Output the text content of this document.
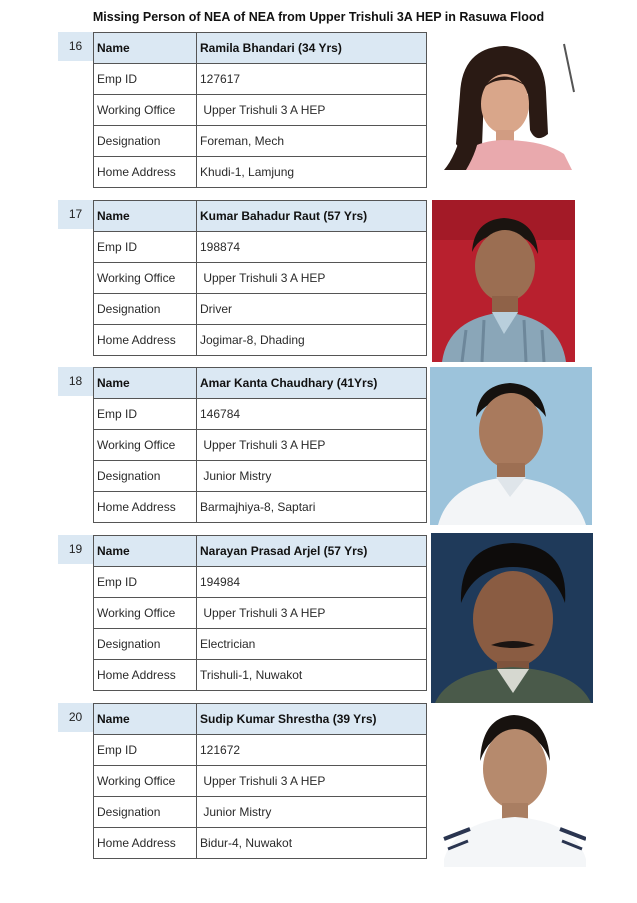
Missing Person of NEA of NEA from Upper Trishuli 3A HEP in Rasuwa Flood
16	Name	Ramila Bhandari (34 Yrs)
Emp ID	127617
Working Office	Upper Trishuli 3 A HEP
Designation	Foreman, Mech
Home Address	Khudi-1, Lamjung
17	Name	Kumar Bahadur Raut (57 Yrs)
Emp ID	198874
Working Office	Upper Trishuli 3 A HEP
Designation	Driver
Home Address	Jogimar-8, Dhading
18	Name	Amar Kanta Chaudhary (41Yrs)
Emp ID	146784
Working Office	Upper Trishuli 3 A HEP
Designation	Junior Mistry
Home Address	Barmajhiya-8, Saptari
19	Name	Narayan Prasad Arjel (57 Yrs)
Emp ID	194984
Working Office	Upper Trishuli 3 A HEP
Designation	Electrician
Home Address	Trishuli-1, Nuwakot
20	Name	Sudip Kumar Shrestha (39 Yrs)
Emp ID	121672
Working Office	Upper Trishuli 3 A HEP
Designation	Junior Mistry
Home Address	Bidur-4, Nuwakot
